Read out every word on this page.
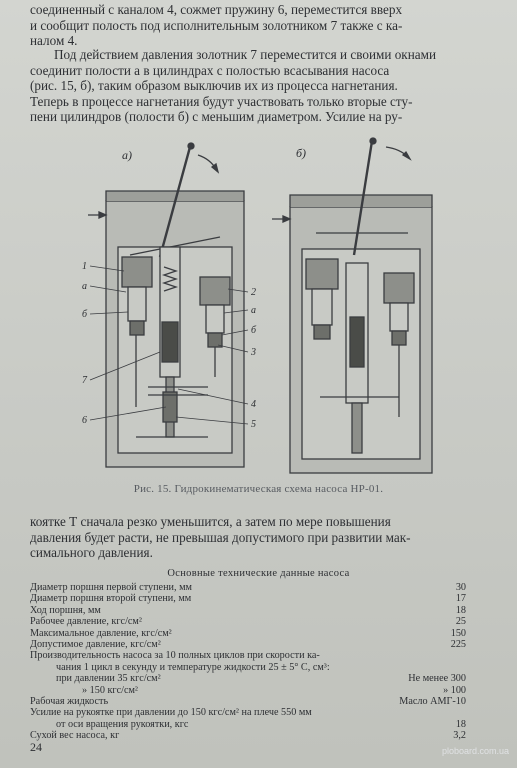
соединенный с каналом 4, сожмет пружину 6, переместится вверх
и сообщит полость под исполнительным золотником 7 также с ка-
налом 4.
Под действием давления золотник 7 переместится и своими окнами
соединит полости а в цилиндрах с полостью всасывания насоса
(рис. 15, б), таким образом выключив их из процесса нагнетания.
Теперь в процессе нагнетания будут участвовать только вторые сту-
пени цилиндров (полости б) с меньшим диаметром. Усилие на ру-
а)	б)
1
а
б
7
6
2
а
б
3
4
5
Рис. 15. Гидрокинематическая схема насоса НР-01.
коятке Т сначала резко уменьшится, а затем по мере повышения
давления будет расти, не превышая допустимого при развитии мак-
симального давления.
Основные технические данные насоса
Диаметр поршня первой ступени, мм	30
Диаметр поршня второй ступени, мм	17
Ход поршня, мм	18
Рабочее давление, кгс/см²	25
Максимальное давление, кгс/см²	150
Допустимое давление, кгс/см²	225
Производительность насоса за 10 полных циклов при скорости ка-
чания 1 цикл в секунду и температуре жидкости 25 ± 5° С, см³:
при давлении 35 кгс/см²	Не менее 300
» 150 кгс/см²	» 100
Рабочая жидкость	Масло АМГ-10
Усилие на рукоятке при давлении до 150 кгс/см² на плече 550 мм
от оси вращения рукоятки, кгс	18
Сухой вес насоса, кг	3,2
24	ploboard.com.ua
